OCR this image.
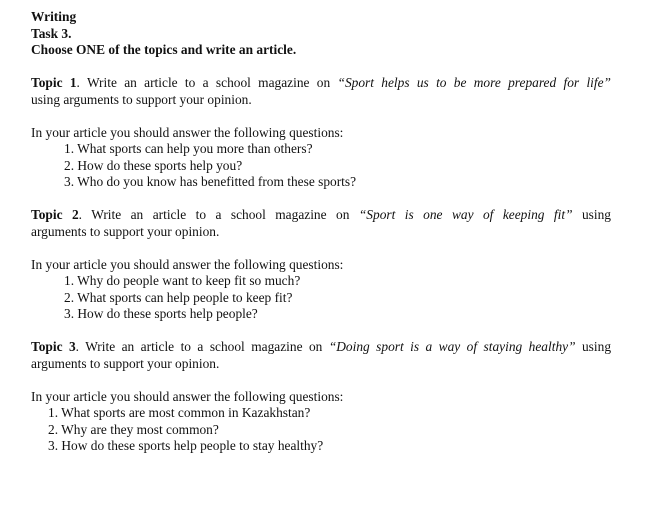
Writing
Task 3.
Choose ONE of the topics and write an article.
Topic 1. Write an article to a school magazine on “Sport helps us to be more prepared for life”
using arguments to support your opinion.
In your article you should answer the following questions:
1. What sports can help you more than others?
2. How do these sports help you?
3. Who do you know has benefitted from these sports?
Topic 2. Write an article to a school magazine on “Sport is one way of keeping fit” using
arguments to support your opinion.
In your article you should answer the following questions:
1. Why do people want to keep fit so much?
2. What sports can help people to keep fit?
3. How do these sports help people?
Topic 3. Write an article to a school magazine on “Doing sport is a way of staying healthy” using
arguments to support your opinion.
In your article you should answer the following questions:
1. What sports are most common in Kazakhstan?
2. Why are they most common?
3. How do these sports help people to stay healthy?
